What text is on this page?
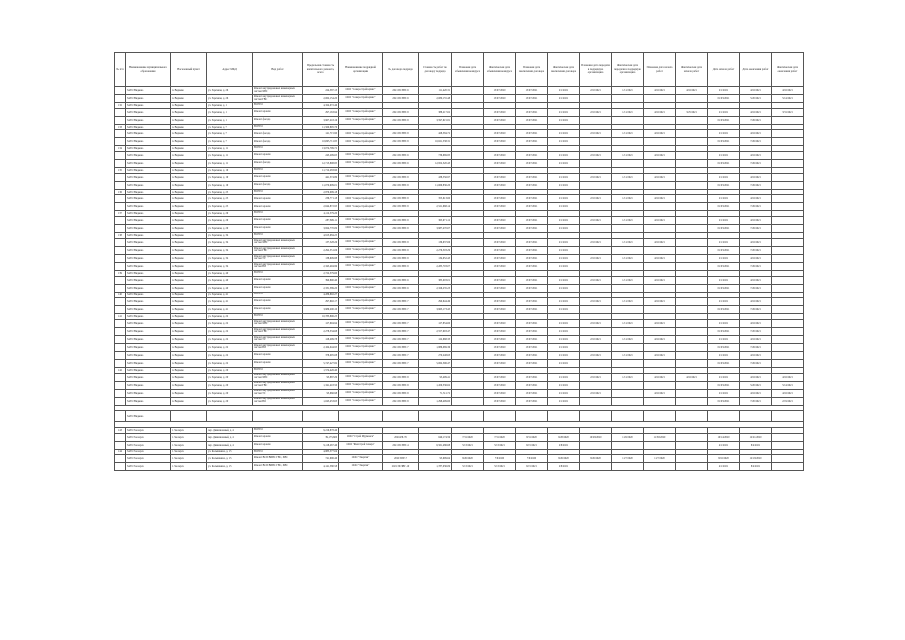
№ п/п	Наименование муниципального образования	Населенный пункт	Адрес МКД	Вид работ	Предельная стоимость капитального ремонта, всего	Наименование подрядной организации	№ договора подряда	Стоимость работ по договору подряда	Плановая дата объявления конкурса	Фактическая дата объявления конкурса	Плановая дата заключения договора	Фактическая дата заключения договора	Плановая дата передачи в подрядную организацию	Фактическая дата передачи в подрядную организацию	Плановая дата начала работ	Фактическая дата начала работ	Дата начала работ	Дата окончания работ	Фактическая дата окончания работ
	ЗАТО Видяево	п. Видяево	ул. Заречная, д. 26	Ремонт внутридомовых инженерных систем ХВС	224,387.13	ООО "Северостройсервис"	2021 ПСЗВГ-9	111,420.31		15/07/2020	15/07/2021	2/1/2021	2/10/2021	1/11/2021	4/16/2021	4/16/2021	2/1/2021	4/16/2021	4/16/2021
	ЗАТО Видяево	п. Видяево	ул. Заречная, д. 26	Ремонт внутридомовых инженерных систем ГВС	2,062,154.20	ООО "Северостройсервис"	2021 ПСЗВГ-9	2,080,155.48		15/07/2020	15/07/2021	2/1/2021					01/03/2021	5/20/2021	5/14/2021
132	ЗАТО Видяево	п. Видяево	ул. Заречная, д. 1	ВСЕГО:	4,324,072.46														
	ЗАТО Видяево	п. Видяево	ул. Заречная, д. 1	Ремонт кровли	297,163.94	ООО "Северостройсервис"	2021 ПСЗВГ-8	388,217.62		15/07/2020	15/07/2021	2/1/2021	2/10/2021	1/11/2021	4/16/2021	3/25/2021	2/1/2021	4/16/2021	3/31/2021
	ЗАТО Видяево	п. Видяево	ул. Заречная, д. 1	Ремонт фасада	3,967,218.16	ООО "Северостройсервис"	2021 ПСЗВГ-8	3,597,615.81		15/07/2020	15/07/2021	2/1/2021					01/03/2021	7/26/2021	
133	ЗАТО Видяево	п. Видяево	ул. Заречная, д. 7	ВСЕГО:	11,560,895.76														
	ЗАТО Видяево	п. Видяево	ул. Заречная, д. 7	Ремонт фасада	141,715.90	ООО "Северостройсервис"	2021 ПСЗВГ-8	428,384.72		15/07/2020	15/07/2021	2/1/2021	2/10/2021	1/11/2021	4/16/2021		2/1/2021	4/16/2021	
	ЗАТО Видяево	п. Видяево	ул. Заречная, д. 7	Ремонт фасада	10,695,711.85	ООО "Северостройсервис"	2021 ПСЗВГ-8	10,621,538.31		15/07/2020	15/07/2021	2/1/2021					01/03/2021	7/26/2021	
134	ЗАТО Видяево	п. Видяево	ул. Заречная, д. 11	ВСЕГО:	13,074,799.72														
	ЗАТО Видяево	п. Видяево	ул. Заречная, д. 11	Ремонт кровли	243,299.65	ООО "Северостройсервис"	2021 ПСЗВГ-9	736,669.85		15/07/2020	15/07/2021	2/1/2021	2/10/2021	1/11/2021	4/16/2021		2/1/2021	4/16/2021	
	ЗАТО Видяево	п. Видяево	ул. Заречная, д. 11	Ремонт фасада	12,713,898.85	ООО "Северостройсервис"	2021 ПСЗВГ-9	12,952,320.43		15/07/2020	15/07/2021	2/1/2021					01/03/2021	7/26/2021	
135	ЗАТО Видяево	п. Видяево	ул. Заречная, д. 19	ВСЕГО:	11,712,283.90														
	ЗАТО Видяево	п. Видяево	ул. Заречная, д. 19	Ремонт кровли	441,374.89	ООО "Северостройсервис"	2021 ПСЗВГ-8	438,556.97		15/07/2020	15/07/2021	2/1/2021	2/10/2021	1/11/2021	4/16/2021		2/1/2021	4/16/2021	
	ЗАТО Видяево	п. Видяево	ул. Заречная, д. 19	Ремонт фасада	11,070,909.01	ООО "Северостройсервис"	2021 ПСЗВГ-8	11,669,836.20		15/07/2020	15/07/2021	2/1/2021					01/03/2021	7/26/2021	
136	ЗАТО Видяево	п. Видяево	ул. Заречная, д. 25	ВСЕГО:	2,879,099.18														
	ЗАТО Видяево	п. Видяево	ул. Заречная, д. 25	Ремонт кровли	236,771.18	ООО "Северостройсервис"	2021 ПСЗВГ-8	355,613.60		15/07/2020	15/07/2021	2/1/2021	2/10/2021	1/11/2021	4/16/2021		2/1/2021	4/16/2021	
	ЗАТО Видяево	п. Видяево	ул. Заречная, д. 25	Ремонт кровли	2,644,872.95	ООО "Северостройсервис"	2021 ПСЗВГ-8	2,521,668.14		15/07/2020	15/07/2021	2/1/2021					01/03/2021	7/26/2021	
137	ЗАТО Видяево	п. Видяево	ул. Заречная, д. 29	ВСЕГО:	4,112,579.20														
	ЗАТО Видяево	п. Видяево	ул. Заречная, д. 29	Ремонт кровли	287,809.11	ООО "Северостройсервис"	2021 ПСЗВГ-8	365,971.12		15/07/2020	15/07/2021	2/1/2021	2/10/2021	1/11/2021	4/16/2021		2/1/2021	4/16/2021	
	ЗАТО Видяево	п. Видяево	ул. Заречная, д. 29	Ремонт кровли	3,824,770.09	ООО "Северостройсервис"	2021 ПСЗВГ-8	3,987,470.67		15/07/2020	15/07/2021	2/1/2021					01/03/2021	7/26/2021	
138	ЗАТО Видяево	п. Видяево	ул. Заречная, д. 34	ВСЕГО:	4,913,984.25														
	ЗАТО Видяево	п. Видяево	ул. Заречная, д. 34	Ремонт внутридомовых инженерных систем ХВС	137,528.26	ООО "Северостройсервис"	2021 ПСЗВГ-8	136,637.66		15/07/2020	15/07/2021	2/1/2021	2/10/2021	1/11/2021	4/16/2021		2/1/2021	4/16/2021	
	ЗАТО Видяево	п. Видяево	ул. Заречная, д. 34	Ремонт внутридомовых инженерных систем ГВС	2,292,351.06	ООО "Северостройсервис"	2021 ПСЗВГ-8	2,276,303.29		15/07/2020	15/07/2021	2/1/2021					01/03/2021	7/20/2021	
	ЗАТО Видяево	п. Видяево	ул. Заречная, д. 34	Ремонт внутридомовых инженерных систем ТС	138,609.88	ООО "Северостройсервис"	2021 ПСЗВГ-8	134,952.43		15/07/2020	15/07/2021	2/1/2021	2/10/2021	1/11/2021	4/16/2021		2/1/2021	4/16/2021	
	ЗАТО Видяево	п. Видяево	ул. Заречная, д. 34	Ремонт внутридомовых инженерных систем ВО	2,345,494.99	ООО "Северостройсервис"	2021 ПСЗВГ-8	2,285,703.07		15/07/2020	15/07/2021	2/1/2021					01/03/2021	7/26/2021	
139	ЗАТО Видяево	п. Видяево	ул. Заречная, д. 40	ВСЕГО:	2,722,379.60														
	ЗАТО Видяево	п. Видяево	ул. Заречная, д. 40	Ремонт кровли	390,890.40	ООО "Северостройсервис"	2021 ПСЗВГ-9	385,003.01		15/07/2020	15/07/2021	2/1/2021	2/10/2021	1/11/2021	4/16/2021		2/1/2021	4/16/2021	
	ЗАТО Видяево	п. Видяево	ул. Заречная, д. 40	Ремонт кровли	2,331,389.20	ООО "Северостройсервис"	2021 ПСЗВГ-9	2,326,235.23		15/07/2020	15/07/2021	2/1/2021					01/03/2021	7/26/2021	
140	ЗАТО Видяево	п. Видяево	ул. Заречная, д. 41	ВСЕГО:	4,286,892.27														
	ЗАТО Видяево	п. Видяево	ул. Заречная, д. 41	Ремонт кровли	297,692.17	ООО "Северостройсервис"	2021 ПСЗВГ-7	290,644.49		15/07/2020	15/07/2021	2/1/2021	2/10/2021	1/11/2021	4/16/2021		2/1/2021	4/16/2021	
	ЗАТО Видяево	п. Видяево	ул. Заречная, д. 41	Ремонт кровли	3,989,200.10	ООО "Северостройсервис"	2021 ПСЗВГ-7	3,963,173.45		15/07/2020	15/07/2021	2/1/2021					01/03/2021	7/26/2021	
141	ЗАТО Видяево	п. Видяево	ул. Заречная, д. 22	ВСЕГО:	10,783,896.25														
	ЗАТО Видяево	п. Видяево	ул. Заречная, д. 22	Ремонт внутридомовых инженерных систем ХВС	127,694.94	ООО "Северостройсервис"	2021 ПСЗВГ-7	127,854.60		15/07/2020	15/07/2021	2/1/2021	2/10/2021	1/11/2021	4/16/2021		2/1/2021	4/16/2021	
	ЗАТО Видяево	п. Видяево	ул. Заречная, д. 22	Ремонт внутридомовых инженерных систем ГВС	2,278,334.68	ООО "Северостройсервис"	2021 ПСЗВГ-7	2,557,993.47		15/07/2020	15/07/2021	2/1/2021					01/03/2021	7/20/2021	
	ЗАТО Видяево	п. Видяево	ул. Заречная, д. 22	Ремонт внутридомовых инженерных систем ТС	128,299.78	ООО "Северостройсервис"	2021 ПСЗВГ-7	122,668.33		15/07/2020	15/07/2021	2/1/2021	2/10/2021	1/11/2021	4/16/2021		2/1/2021	4/16/2021	
	ЗАТО Видяево	п. Видяево	ул. Заречная, д. 22	Ремонт внутридомовых инженерных систем ВО	2,164,044.95	ООО "Северостройсервис"	2021 ПСЗВГ-7	1,886,069.36		15/07/2020	15/07/2021	2/1/2021					01/03/2021	7/26/2021	
	ЗАТО Видяево	п. Видяево	ул. Заречная, д. 22	Ремонт кровли	378,095.08	ООО "Северостройсервис"	2021 ПСЗВГ-7	270,248.63		15/07/2020	15/07/2021	2/1/2021	2/10/2021	1/11/2021	4/16/2021		2/1/2021	4/16/2021	
	ЗАТО Видяево	п. Видяево	ул. Заречная, д. 22	Ремонт кровли	5,747,427.82	ООО "Северостройсервис"	2021 ПСЗВГ-7	5,062,396.47		15/07/2020	15/07/2021	2/1/2021					01/03/2021	7/26/2021	
142	ЗАТО Видяево	п. Видяево	ул. Заречная, д. 20	ВСЕГО:	1,574,426.40														
	ЗАТО Видяево	п. Видяево	ул. Заречная, д. 20	Ремонт внутридомовых инженерных систем ХВС	93,887.29	ООО "Северостройсервис"	2021 ПСЗВГ-8	95,499.41		15/07/2020	15/07/2021	2/1/2021	2/10/2021	1/11/2021	4/16/2021	4/16/2021	2/1/2021	4/16/2021	4/16/2021
	ЗАТО Видяево	п. Видяево	ул. Заречная, д. 20	Ремонт внутридомовых инженерных систем ГВС	1,341,418.50	ООО "Северостройсервис"	2021 ПСЗВГ-8	1,459,336.62		15/07/2020	15/07/2021	2/1/2021					01/03/2021	5/20/2021	5/14/2021
	ЗАТО Видяево	п. Видяево	ул. Заречная, д. 20	Ремонт внутридомовых инженерных систем ТС	93,666.98	ООО "Северостройсервис"	2021 ПСЗВГ-8	71,311.72		15/07/2020	15/07/2021	2/1/2021	2/10/2021		4/16/2021		2/1/2021	4/16/2021	4/16/2021
	ЗАТО Видяево	п. Видяево	ул. Заречная, д. 20	Ремонт внутридомовых инженерных систем ВО	1,045,453.63	ООО "Северостройсервис"	2021 ПСЗВГ-8	1,298,499.60		15/07/2020	15/07/2021	2/1/2021					01/03/2021	7/20/2021	2/19/2021

	ЗАТО Видяево																		

143	ЗАТО Заозерск	г. Заозерск	пер. Дивизионный, д. 4	ВСЕГО:	9,219,878.46														
	ЗАТО Заозерск	г. Заозерск	пер. Дивизионный, д. 4	Ремонт кровли	39,173,600	ООО "Строй Мурманск"	2020-РР-76	640,174.59	7/31/2020	7/31/2020	8/31/2020	9/28/2020	10/28/2020	11/6/2020	11/30/2020		10/14/2020	12/21/2020	
	ЗАТО Заозерск	г. Заозерск	пер. Дивизионный, д. 4	Ремонт кровли	9,118,267.46	ООО "Жилстрой Севера"	2021 ПСЗВГ-4	6,561,486.68	5/13/2021	5/13/2021	6/15/2021	2/8/2021					4/1/2021	8/4/2021	
144	ЗАТО Заозерск	г. Заозерск	ул. Колышкина, д. 15	ВСЕГО:	4,883,577.04														
	ЗАТО Заозерск	г. Заозерск	ул. Колышкина, д. 15	Ремонт ВСП ВИВС ГВС, ХВС	741,996.46	ООО "Энергия"	2020 ПГР-7	95,999.64	8/26/2020	7/6/2020	7/6/2020	8/26/2020	8/26/2020	11/7/2020	11/7/2020		8/16/2020	12/18/2020	
	ЗАТО Заозерск	г. Заозерск	ул. Колышкина, д. 15	Ремонт ВСП ВИВС ГВС, ХВС	4,141,580.58	ООО "Энергия"	2021 ПСЗВГ-10	1,787,036.09	5/13/2021	5/13/2021	6/15/2021	2/8/2021					4/1/2021	8/4/2021	
